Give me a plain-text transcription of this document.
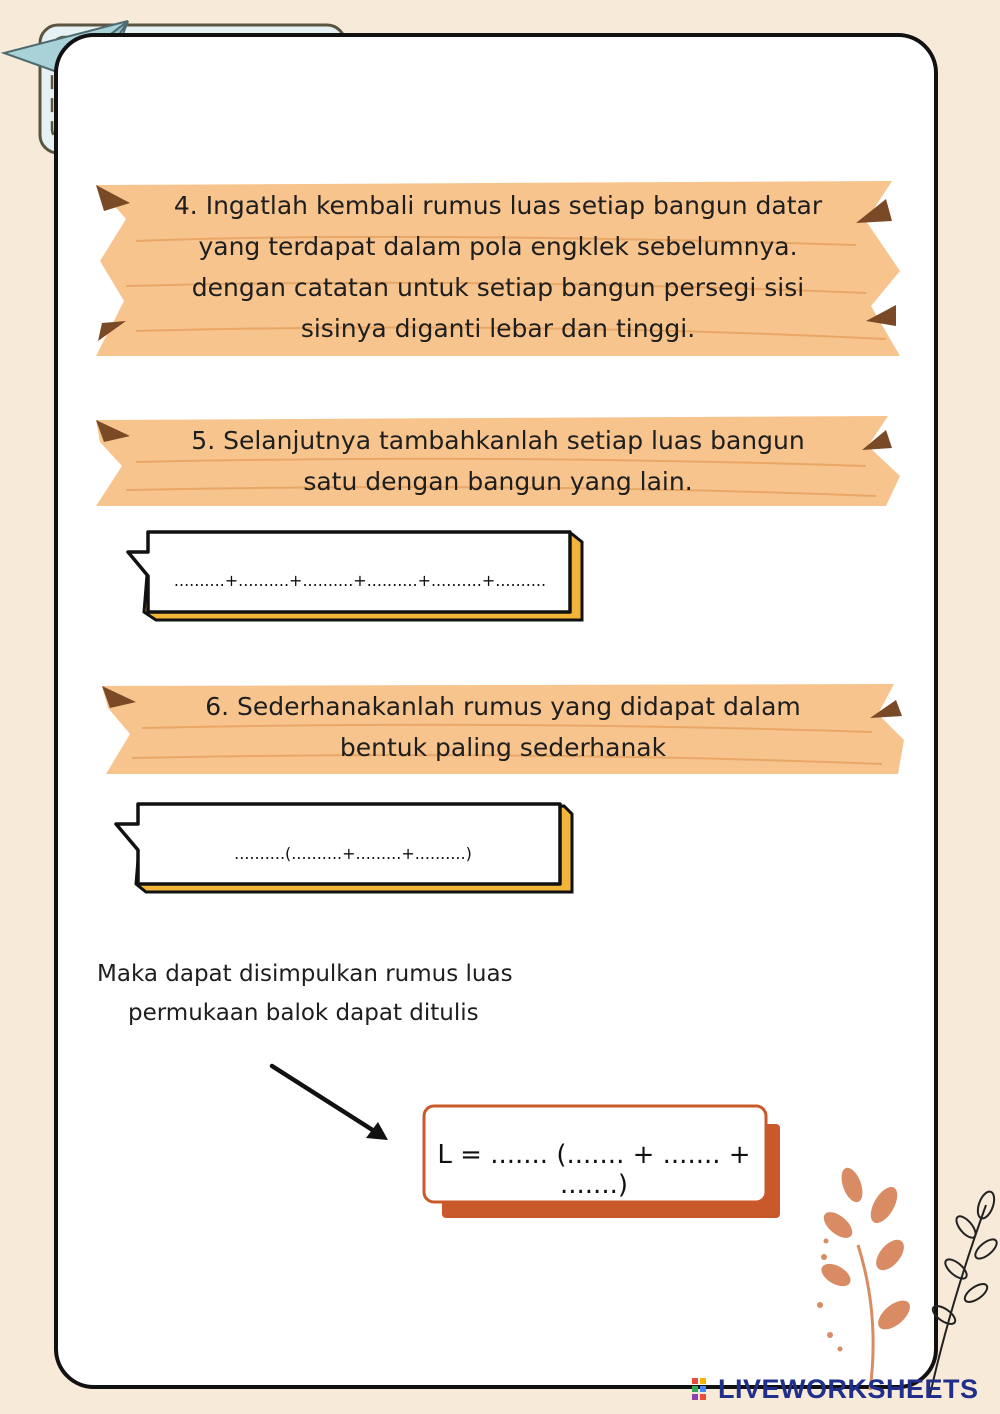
4. Ingatlah kembali rumus luas setiap bangun datar
yang terdapat dalam pola engklek sebelumnya.
dengan catatan untuk setiap bangun persegi sisi
sisinya diganti lebar dan tinggi.
5. Selanjutnya tambahkanlah setiap luas bangun
satu dengan bangun yang lain.
..........+..........+..........+..........+..........+..........
6. Sederhanakanlah rumus yang didapat dalam
bentuk paling sederhanak
..........(..........+.........+..........)
Maka dapat disimpulkan rumus luas
permukaan balok dapat ditulis
L = ....... (....... + ....... + .......)
LIVEWORKSHEETS
